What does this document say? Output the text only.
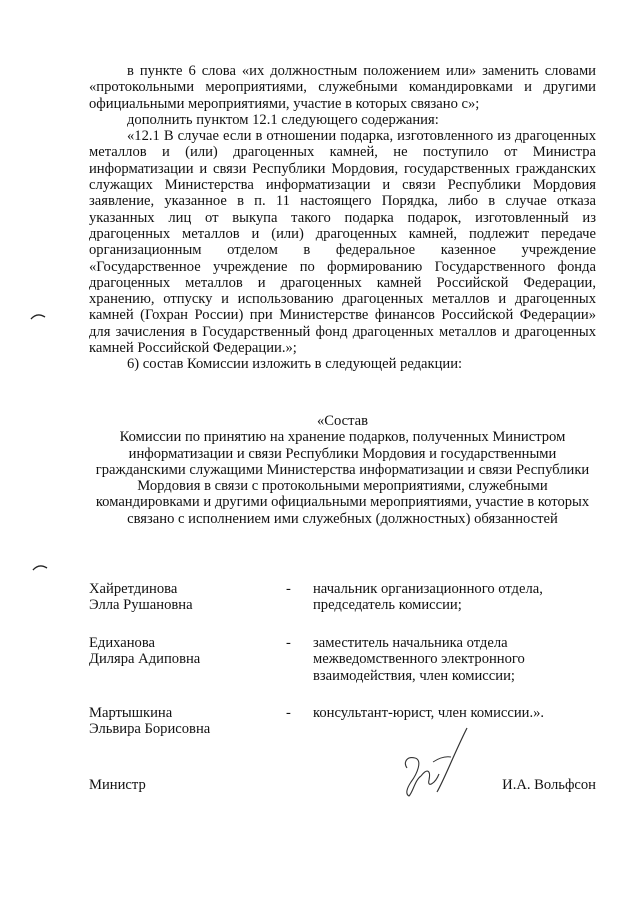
в пункте 6 слова «их должностным положением или» заменить словами «протокольными мероприятиями, служебными командировками и другими официальными мероприятиями, участие в которых связано с»;

дополнить пунктом 12.1 следующего содержания:

«12.1 В случае если в отношении подарка, изготовленного из драгоценных металлов и (или) драгоценных камней, не поступило от Министра информатизации и связи Республики Мордовия, государственных гражданских служащих Министерства информатизации и связи Республики Мордовия заявление, указанное в п. 11 настоящего Порядка, либо в случае отказа указанных лиц от выкупа такого подарка подарок, изготовленный из драгоценных металлов и (или) драгоценных камней, подлежит передаче организационным отделом в федеральное казенное учреждение «Государственное учреждение по формированию Государственного фонда драгоценных металлов и драгоценных камней Российской Федерации, хранению, отпуску и использованию драгоценных металлов и драгоценных камней (Гохран России) при Министерстве финансов Российской Федерации» для зачисления в Государственный фонд драгоценных металлов и драгоценных камней Российской Федерации.»;

6) состав Комиссии изложить в следующей редакции:

«Состав
Комиссии по принятию на хранение подарков, полученных Министром информатизации и связи Республики Мордовия и государственными гражданскими служащими Министерства информатизации и связи Республики Мордовия в связи с протокольными мероприятиями, служебными командировками и другими официальными мероприятиями, участие в которых связано с исполнением ими служебных (должностных) обязанностей
Хайретдинова
Элла Рушановна
- начальник организационного отдела,
председатель комиссии;
Едиханова
Диляра Адиповна
- заместитель начальника отдела
межведомственного электронного
взаимодействия, член комиссии;
Мартышкина
Эльвира Борисовна
- консультант-юрист, член комиссии.».
Министр	И.А. Вольфсон
